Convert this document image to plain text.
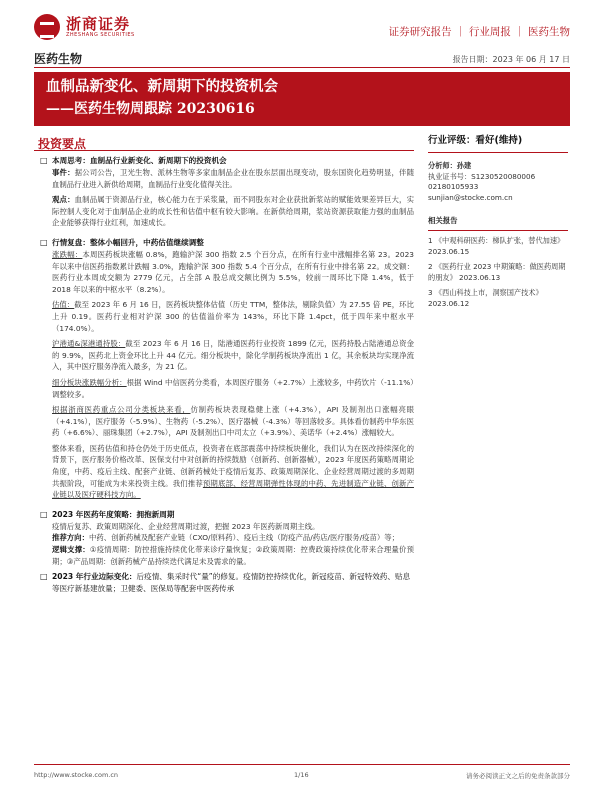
浙商证券
ZHESHANG SECURITIES	证券研究报告 ｜ 行业周报 ｜ 医药生物
医药生物	报告日期：2023 年 06 月 17 日
血制品新变化、新周期下的投资机会
——医药生物周跟踪 20230616
投资要点
□ 本周思考：血制品行业新变化、新周期下的投资机会
事件：据公司公告，卫光生物、派林生物等多家血制品企业在股东层面出现变动，股东国资化趋势明显，伴随血制品行业进入新供给周期，血制品行业变化值得关注。
观点：血制品属于资源品行业，核心能力在于采浆量，而不同股东对企业获批新浆站的赋能效果差异巨大，实际控制人变化对于血制品企业的成长性和估值中枢有较大影响。在新供给周期，浆站资源获取能力强的血制品企业能够获得行业红利，加速成长。
□ 行情复盘：整体小幅回升，中药估值继续调整
涨跌幅：本周医药板块涨幅 0.8%，跑输沪深 300 指数 2.5 个百分点，在所有行业中涨幅排名第 23。2023 年以来中信医药指数累计跌幅 3.0%，跑输沪深 300 指数 5.4 个百分点，在所有行业中排名第 22。成交额：医药行业本周成交额为 2779 亿元，占全部 A 股总成交额比例为 5.5%，较前一周环比下降 1.4%，低于 2018 年以来的中枢水平（8.2%）。
估值：截至 2023 年 6 月 16 日，医药板块整体估值（历史 TTM，整体法，剔除负值）为 27.55 倍 PE，环比上升 0.19。医药行业相对沪深 300 的估值溢价率为 143%，环比下降 1.4pct，低于四年来中枢水平（174.0%）。
沪港通&深港通持股：截至 2023 年 6 月 16 日，陆港通医药行业投资 1899 亿元，医药持股占陆港通总资金的 9.9%，医药北上资金环比上升 44 亿元。细分板块中，除化学制药板块净流出 1 亿，其余板块均实现净流入，其中医疗服务净流入最多，为 21 亿。
细分板块涨跌幅分析：根据 Wind 中信医药分类看，本周医疗服务（+2.7%）上涨较多，中药饮片（-11.1%）调整较多。
根据浙商医药重点公司分类板块来看，仿制药板块表现稳健上涨（+4.3%），API 及制剂出口涨幅亮眼（+4.1%），医疗服务（-5.9%）、生物药（-5.2%）、医疗器械（-4.3%）等回落较多。具体看仿制药中华东医药（+6.6%）、丽珠集团（+2.7%），API 及制剂出口中司太立（+3.9%）、美诺华（+2.4%）涨幅较大。
整体来看，医药估值和持仓仍处于历史低点，投资者在底部震荡中持续板块催化，我们认为在医改持续深化的背景下，医疗服务价格改革、医保支付中对创新的持续鼓励（创新药、创新器械），2023 年度医药策略周期论角度，中药、疫后主线、配套产业链、创新药械处于疫情后复苏、政策周期深化、企业经营周期过渡的多周期共振阶段，可能成为未来投资主线。我们推荐预期底部、经营周期弹性体现的中药、先进制造产业链、创新产业链以及医疗硬科技方向。
□ 2023 年医药年度策略：拥抱新周期
疫情后复苏、政策周期深化、企业经营周期过渡，把握 2023 年医药新周期主线。
推荐方向：中药、创新药械及配套产业链（CXO/原料药）、疫后主线（防疫产品/药店/医疗服务/疫苗）等；
逻辑支撑：①疫情周期：防控措施持续优化带来诊疗量恢复；②政策周期：控费政策持续优化带来合理量价预期；③产品周期：创新药械产品持续迭代满足未及需求的量。
□ 2023 年行业边际变化：后疫情、集采时代“量”的修复。疫情防控持续优化，新冠疫苗、新冠特效药、贴息等医疗新基建放量；卫健委、医保局等配套中医药传承
行业评级：看好(维持)
分析师：孙建
执业证书号：S1230520080006
02180105933
sunjian@stocke.com.cn
相关报告
1 《中观科研医药：梯队扩张，替代加速》 2023.06.15
2 《医药行业 2023 中期策略：做医药周期的朋友》 2023.06.13
3 《西山科技上市，洞察国产技术》 2023.06.12
http://www.stocke.com.cn	1/16	请务必阅读正文之后的免责条款部分
